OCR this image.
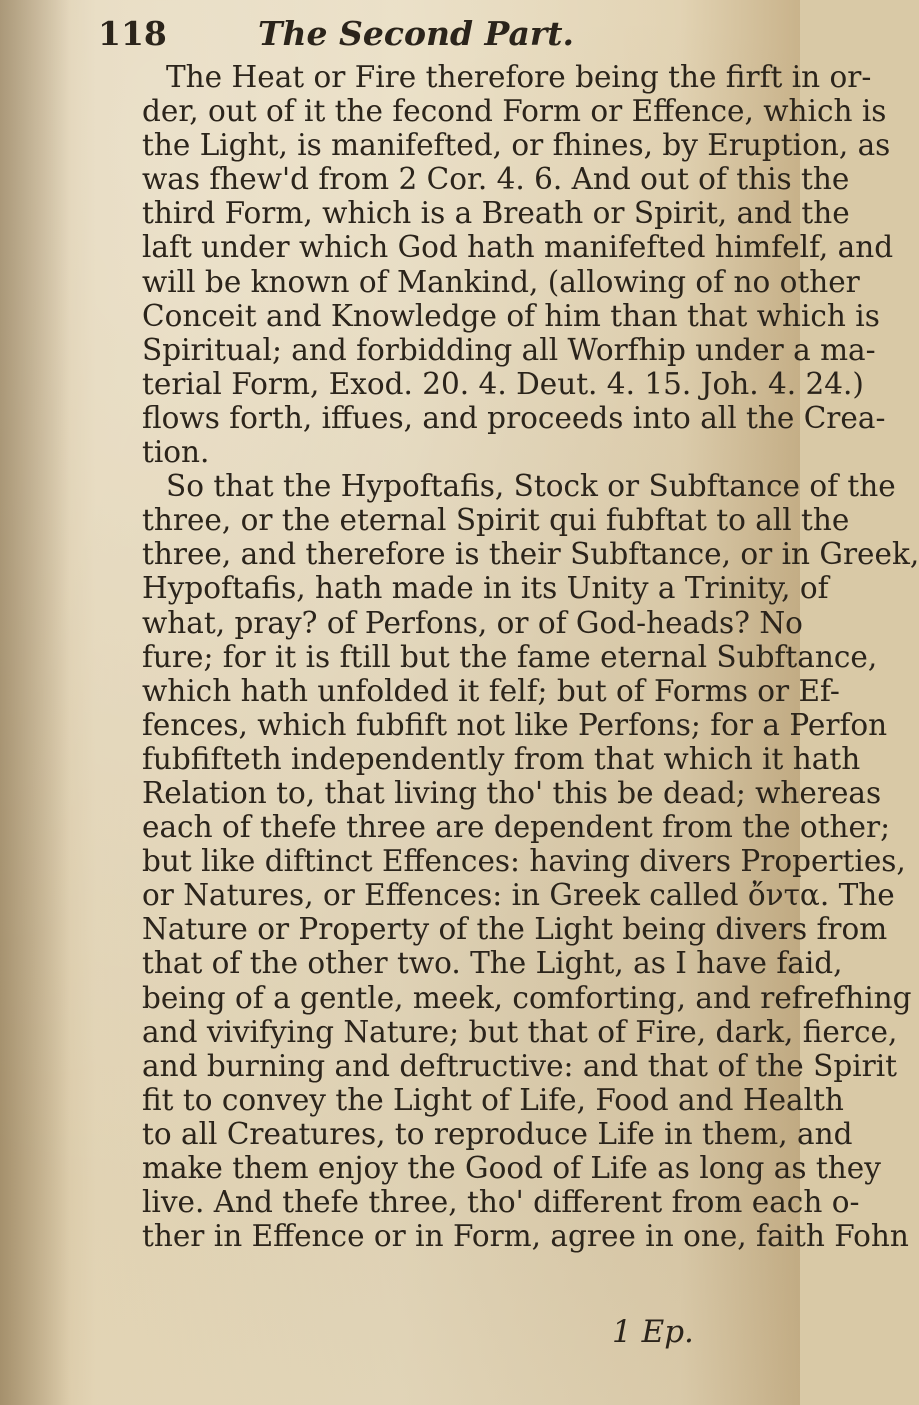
118	The Second Part.
The Heat or Fire therefore being the firft in or-
der, out of it the fecond Form or Effence, which is
the Light, is manifefted, or fhines, by Eruption, as
was fhew'd from 2 Cor. 4. 6. And out of this the
third Form, which is a Breath or Spirit, and the
laft under which God hath manifefted himfelf, and
will be known of Mankind, (allowing of no other
Conceit and Knowledge of him than that which is
Spiritual; and forbidding all Worfhip under a ma-
terial Form, Exod. 20. 4. Deut. 4. 15. Joh. 4. 24.)
flows forth, iffues, and proceeds into all the Crea-
tion.
So that the Hypoftafis, Stock or Subftance of the
three, or the eternal Spirit qui fubftat to all the
three, and therefore is their Subftance, or in Greek,
Hypoftafis, hath made in its Unity a Trinity, of
what, pray? of Perfons, or of God-heads? No
fure; for it is ftill but the fame eternal Subftance,
which hath unfolded it felf; but of Forms or Ef-
fences, which fubfift not like Perfons; for a Perfon
fubfifteth independently from that which it hath
Relation to, that living tho' this be dead; whereas
each of thefe three are dependent from the other;
but like diftinct Effences: having divers Properties,
or Natures, or Effences: in Greek called ὄντα. The
Nature or Property of the Light being divers from
that of the other two. The Light, as I have faid,
being of a gentle, meek, comforting, and refrefhing
and vivifying Nature; but that of Fire, dark, fierce,
and burning and deftructive: and that of the Spirit
fit to convey the Light of Life, Food and Health
to all Creatures, to reproduce Life in them, and
make them enjoy the Good of Life as long as they
live. And thefe three, tho' different from each o-
ther in Effence or in Form, agree in one, faith Fohn
1 Ep.
